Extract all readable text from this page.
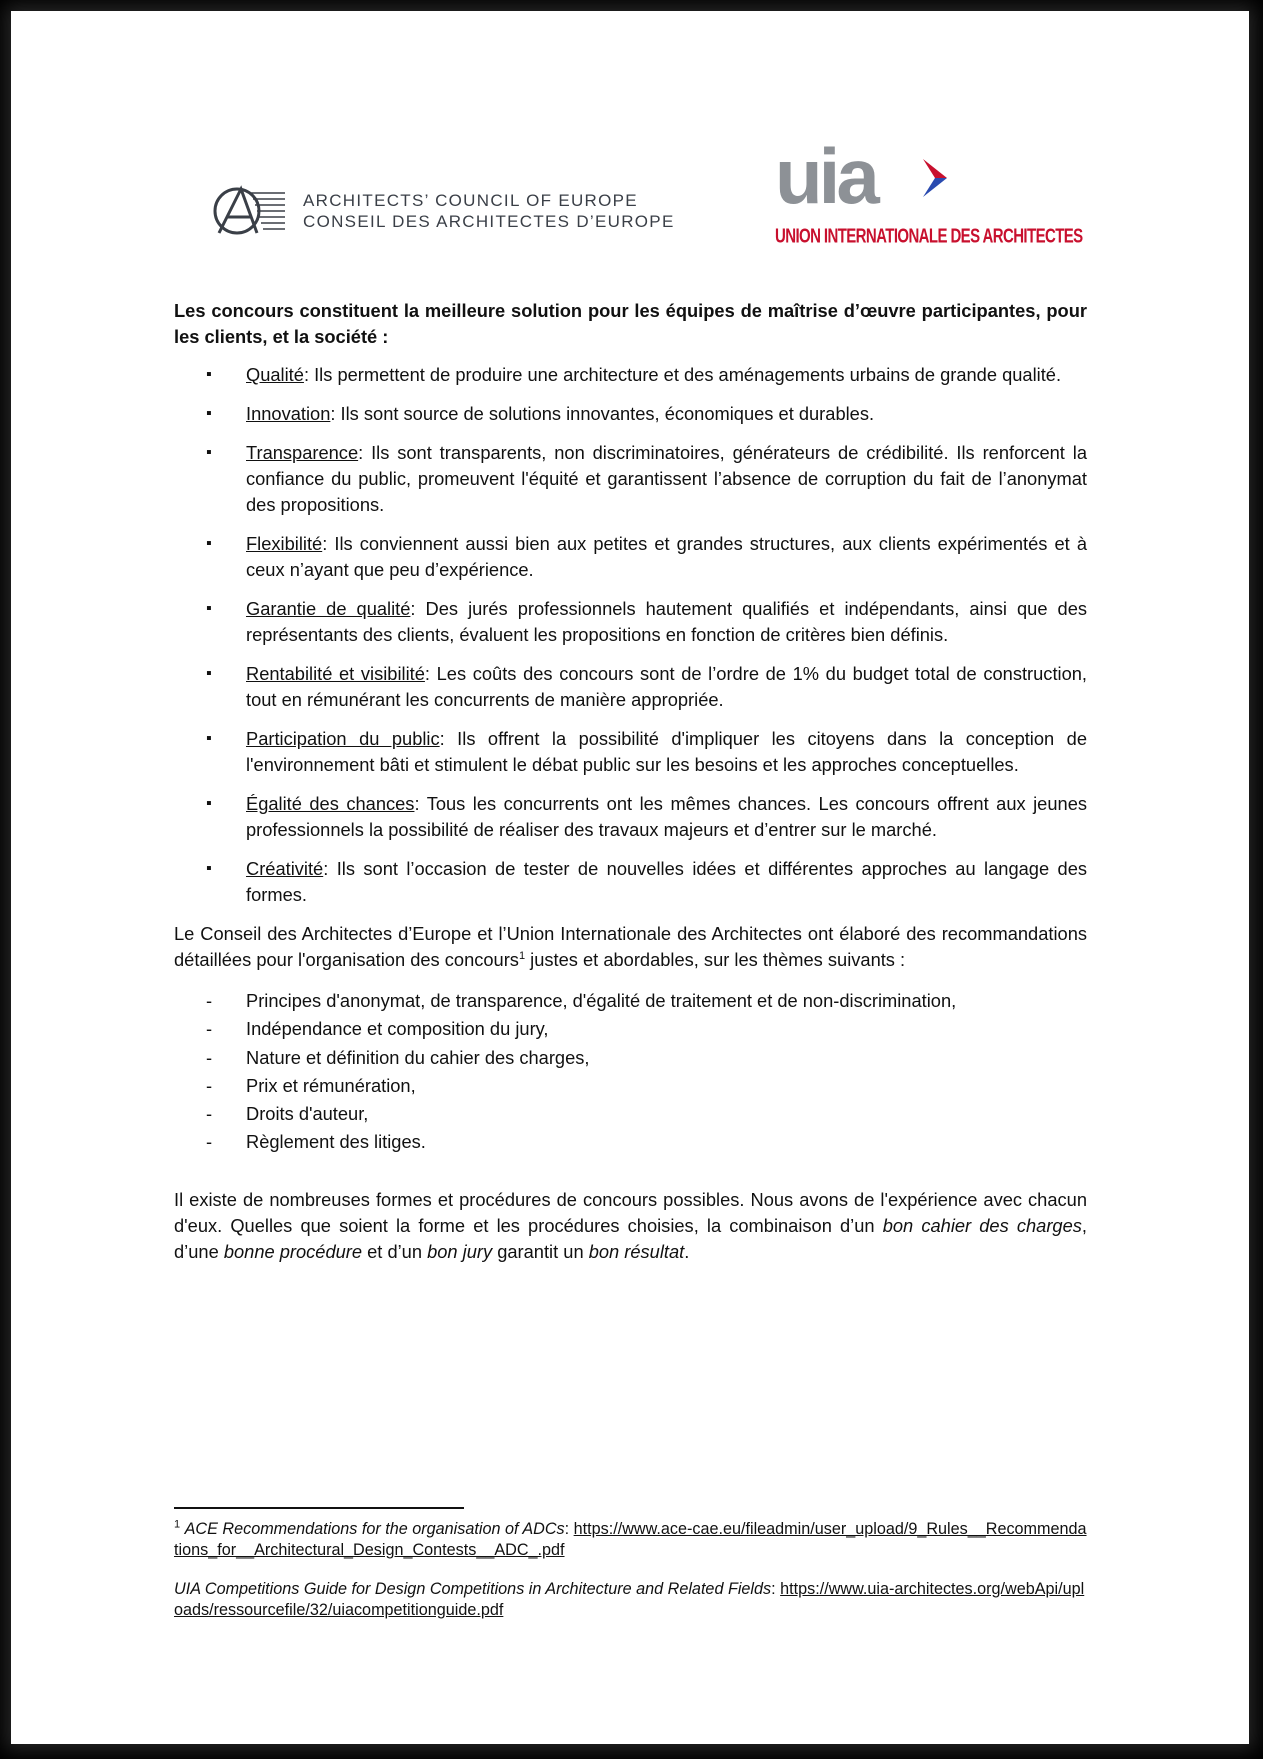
ARCHITECTS’ COUNCIL OF EUROPE
CONSEIL DES ARCHITECTES D’EUROPE
uia
UNION INTERNATIONALE DES ARCHITECTES

Les concours constituent la meilleure solution pour les équipes de maîtrise d’œuvre participantes, pour les clients, et la société :

▪ Qualité: Ils permettent de produire une architecture et des aménagements urbains de grande qualité.
▪ Innovation: Ils sont source de solutions innovantes, économiques et durables.
▪ Transparence: Ils sont transparents, non discriminatoires, générateurs de crédibilité. Ils renforcent la confiance du public, promeuvent l'équité et garantissent l’absence de corruption du fait de l’anonymat des propositions.
▪ Flexibilité: Ils conviennent aussi bien aux petites et grandes structures, aux clients expérimentés et à ceux n’ayant que peu d’expérience.
▪ Garantie de qualité: Des jurés professionnels hautement qualifiés et indépendants, ainsi que des représentants des clients, évaluent les propositions en fonction de critères bien définis.
▪ Rentabilité et visibilité: Les coûts des concours sont de l’ordre de 1% du budget total de construction, tout en rémunérant les concurrents de manière appropriée.
▪ Participation du public: Ils offrent la possibilité d'impliquer les citoyens dans la conception de l'environnement bâti et stimulent le débat public sur les besoins et les approches conceptuelles.
▪ Égalité des chances: Tous les concurrents ont les mêmes chances. Les concours offrent aux jeunes professionnels la possibilité de réaliser des travaux majeurs et d’entrer sur le marché.
▪ Créativité: Ils sont l’occasion de tester de nouvelles idées et différentes approches au langage des formes.

Le Conseil des Architectes d’Europe et l’Union Internationale des Architectes ont élaboré des recommandations détaillées pour l'organisation des concours$^1$ justes et abordables, sur les thèmes suivants :

- Principes d'anonymat, de transparence, d'égalité de traitement et de non-discrimination,
- Indépendance et composition du jury,
- Nature et définition du cahier des charges,
- Prix et rémunération,
- Droits d'auteur,
- Règlement des litiges.

Il existe de nombreuses formes et procédures de concours possibles. Nous avons de l'expérience avec chacun d'eux. Quelles que soient la forme et les procédures choisies, la combinaison d’un bon cahier des charges, d’une bonne procédure et d’un bon jury garantit un bon résultat.

$^1$ ACE Recommendations for the organisation of ADCs: https://www.ace-cae.eu/fileadmin/user_upload/9_Rules__Recommendations_for__Architectural_Design_Contests__ADC_.pdf

UIA Competitions Guide for Design Competitions in Architecture and Related Fields: https://www.uia-architectes.org/webApi/uploads/ressourcefile/32/uiacompetitionguide.pdf
